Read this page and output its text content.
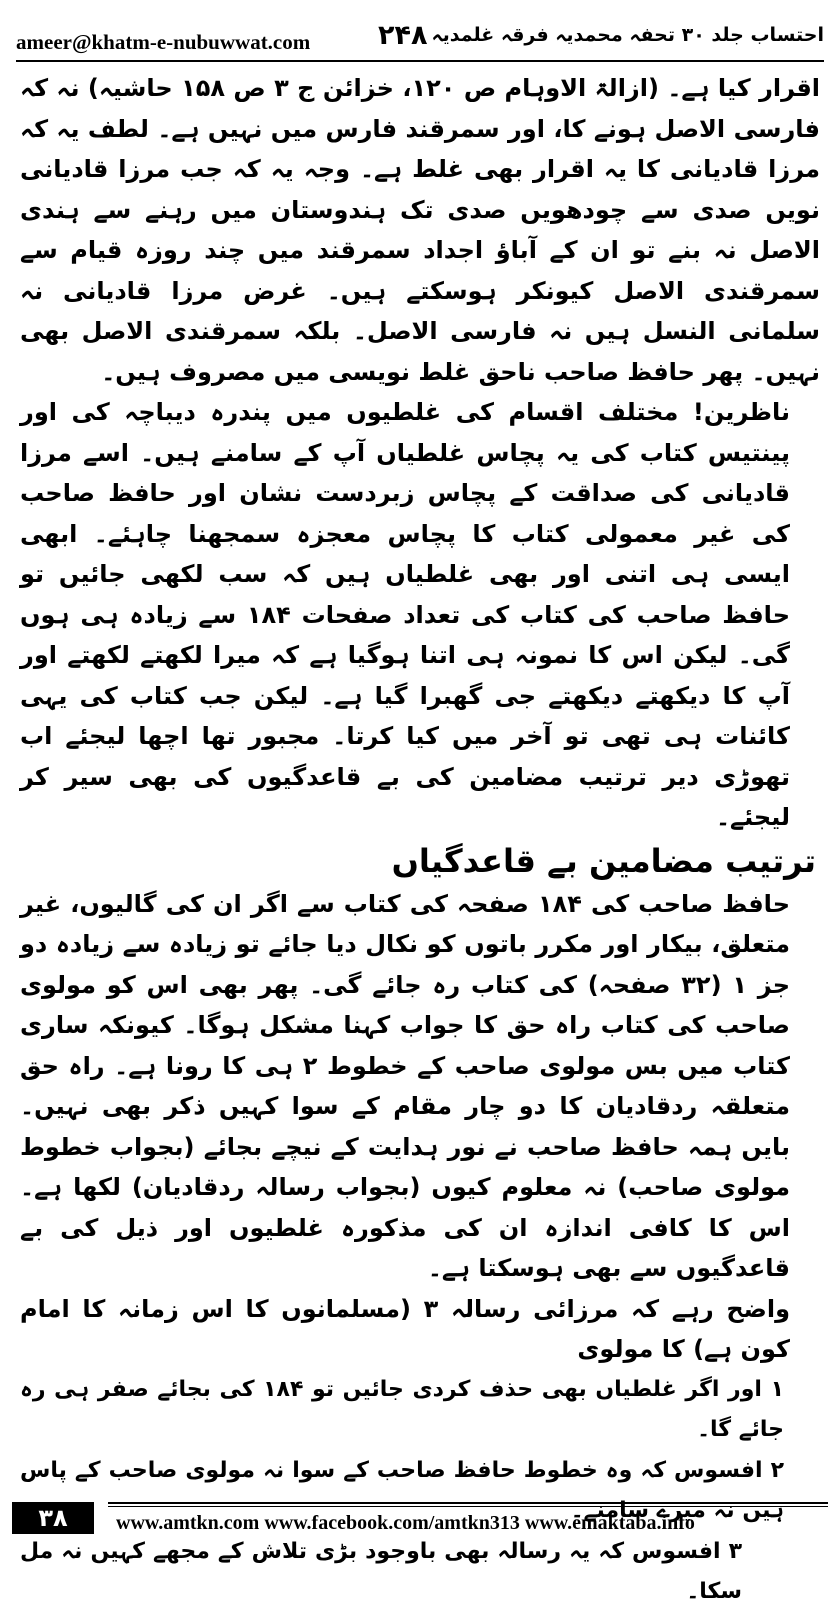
ameer@khatm-e-nubuwwat.com	۲۴۸ احتساب جلد ۳۰ تحفہ محمدیہ فرقہ غلمدیہ

اقرار کیا ہے۔ (ازالۃ الاوہام ص ۱۲۰، خزائن ج ۳ ص ۱۵۸ حاشیہ) نہ کہ فارسی الاصل ہونے کا، اور سمرقند فارس میں نہیں ہے۔ لطف یہ کہ مرزا قادیانی کا یہ اقرار بھی غلط ہے۔ وجہ یہ کہ جب مرزا قادیانی نویں صدی سے چودھویں صدی تک ہندوستان میں رہنے سے ہندی الاصل نہ بنے تو ان کے آباؤ اجداد سمرقند میں چند روزہ قیام سے سمرقندی الاصل کیونکر ہوسکتے ہیں۔ غرض مرزا قادیانی نہ سلمانی النسل ہیں نہ فارسی الاصل۔ بلکہ سمرقندی الاصل بھی نہیں۔ پھر حافظ صاحب ناحق غلط نویسی میں مصروف ہیں۔

ناظرین! مختلف اقسام کی غلطیوں میں پندرہ دیباچہ کی اور پینتیس کتاب کی یہ پچاس غلطیاں آپ کے سامنے ہیں۔ اسے مرزا قادیانی کی صداقت کے پچاس زبردست نشان اور حافظ صاحب کی غیر معمولی کتاب کا پچاس معجزہ سمجھنا چاہئے۔ ابھی ایسی ہی اتنی اور بھی غلطیاں ہیں کہ سب لکھی جائیں تو حافظ صاحب کی کتاب کی تعداد صفحات ۱۸۴ سے زیادہ ہی ہوں گی۔ لیکن اس کا نمونہ ہی اتنا ہوگیا ہے کہ میرا لکھتے لکھتے اور آپ کا دیکھتے دیکھتے جی گھبرا گیا ہے۔ لیکن جب کتاب کی یہی کائنات ہی تھی تو آخر میں کیا کرتا۔ مجبور تھا اچھا لیجئے اب تھوڑی دیر ترتیب مضامین کی بے قاعدگیوں کی بھی سیر کر لیجئے۔

ترتیب مضامین بے قاعدگیاں

حافظ صاحب کی ۱۸۴ صفحہ کی کتاب سے اگر ان کی گالیوں، غیر متعلق، بیکار اور مکرر باتوں کو نکال دیا جائے تو زیادہ سے زیادہ دو جز ۱ (۳۲ صفحہ) کی کتاب رہ جائے گی۔ پھر بھی اس کو مولوی صاحب کی کتاب راہ حق کا جواب کہنا مشکل ہوگا۔ کیونکہ ساری کتاب میں بس مولوی صاحب کے خطوط ۲ ہی کا رونا ہے۔ راہ حق متعلقہ ردقادیان کا دو چار مقام کے سوا کہیں ذکر بھی نہیں۔ بایں ہمہ حافظ صاحب نے نور ہدایت کے نیچے بجائے (بجواب خطوط مولوی صاحب) نہ معلوم کیوں (بجواب رسالہ ردقادیان) لکھا ہے۔ اس کا کافی اندازہ ان کی مذکورہ غلطیوں اور ذیل کی بے قاعدگیوں سے بھی ہوسکتا ہے۔

واضح رہے کہ مرزائی رسالہ ۳ (مسلمانوں کا اس زمانہ کا امام کون ہے) کا مولوی

۱ اور اگر غلطیاں بھی حذف کردی جائیں تو ۱۸۴ کی بجائے صفر ہی رہ جائے گا۔

۲ افسوس کہ وہ خطوط حافظ صاحب کے سوا نہ مولوی صاحب کے پاس ہیں نہ میرے سامنے۔

۳ افسوس کہ یہ رسالہ بھی باوجود بڑی تلاش کے مجھے کہیں نہ مل سکا۔

۳۸	www.amtkn.com www.facebook.com/amtkn313 www.emaktaba.info
